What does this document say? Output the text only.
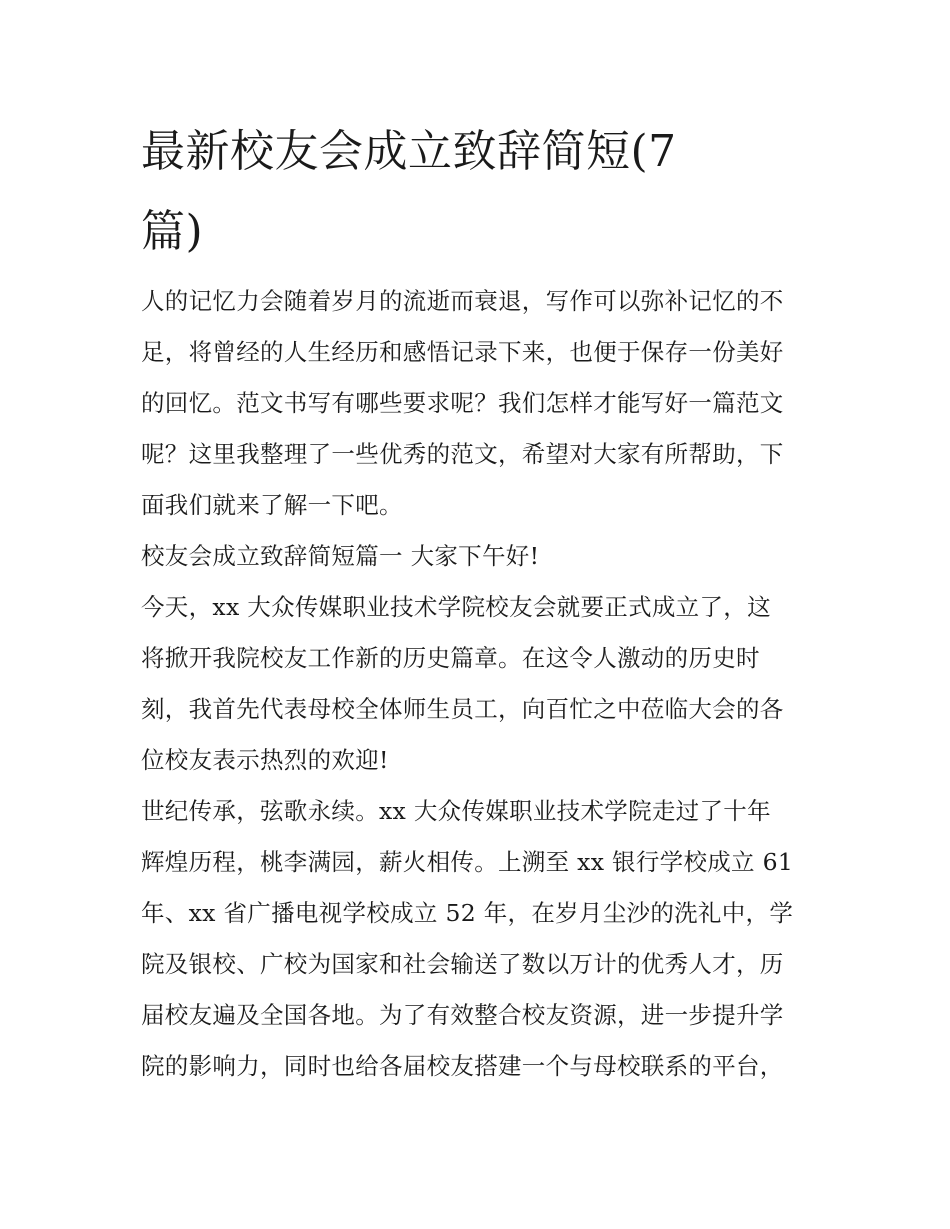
最新校友会成立致辞简短(7
篇)
人的记忆力会随着岁月的流逝而衰退，写作可以弥补记忆的不
足，将曾经的人生经历和感悟记录下来，也便于保存一份美好
的回忆。范文书写有哪些要求呢？我们怎样才能写好一篇范文
呢？这里我整理了一些优秀的范文，希望对大家有所帮助，下
面我们就来了解一下吧。
校友会成立致辞简短篇一 大家下午好!
今天，xx 大众传媒职业技术学院校友会就要正式成立了，这
将掀开我院校友工作新的历史篇章。在这令人激动的历史时
刻，我首先代表母校全体师生员工，向百忙之中莅临大会的各
位校友表示热烈的欢迎!
世纪传承，弦歌永续。xx 大众传媒职业技术学院走过了十年
辉煌历程，桃李满园，薪火相传。上溯至 xx 银行学校成立 61
年、xx 省广播电视学校成立 52 年，在岁月尘沙的洗礼中，学
院及银校、广校为国家和社会输送了数以万计的优秀人才，历
届校友遍及全国各地。为了有效整合校友资源，进一步提升学
院的影响力，同时也给各届校友搭建一个与母校联系的平台，
